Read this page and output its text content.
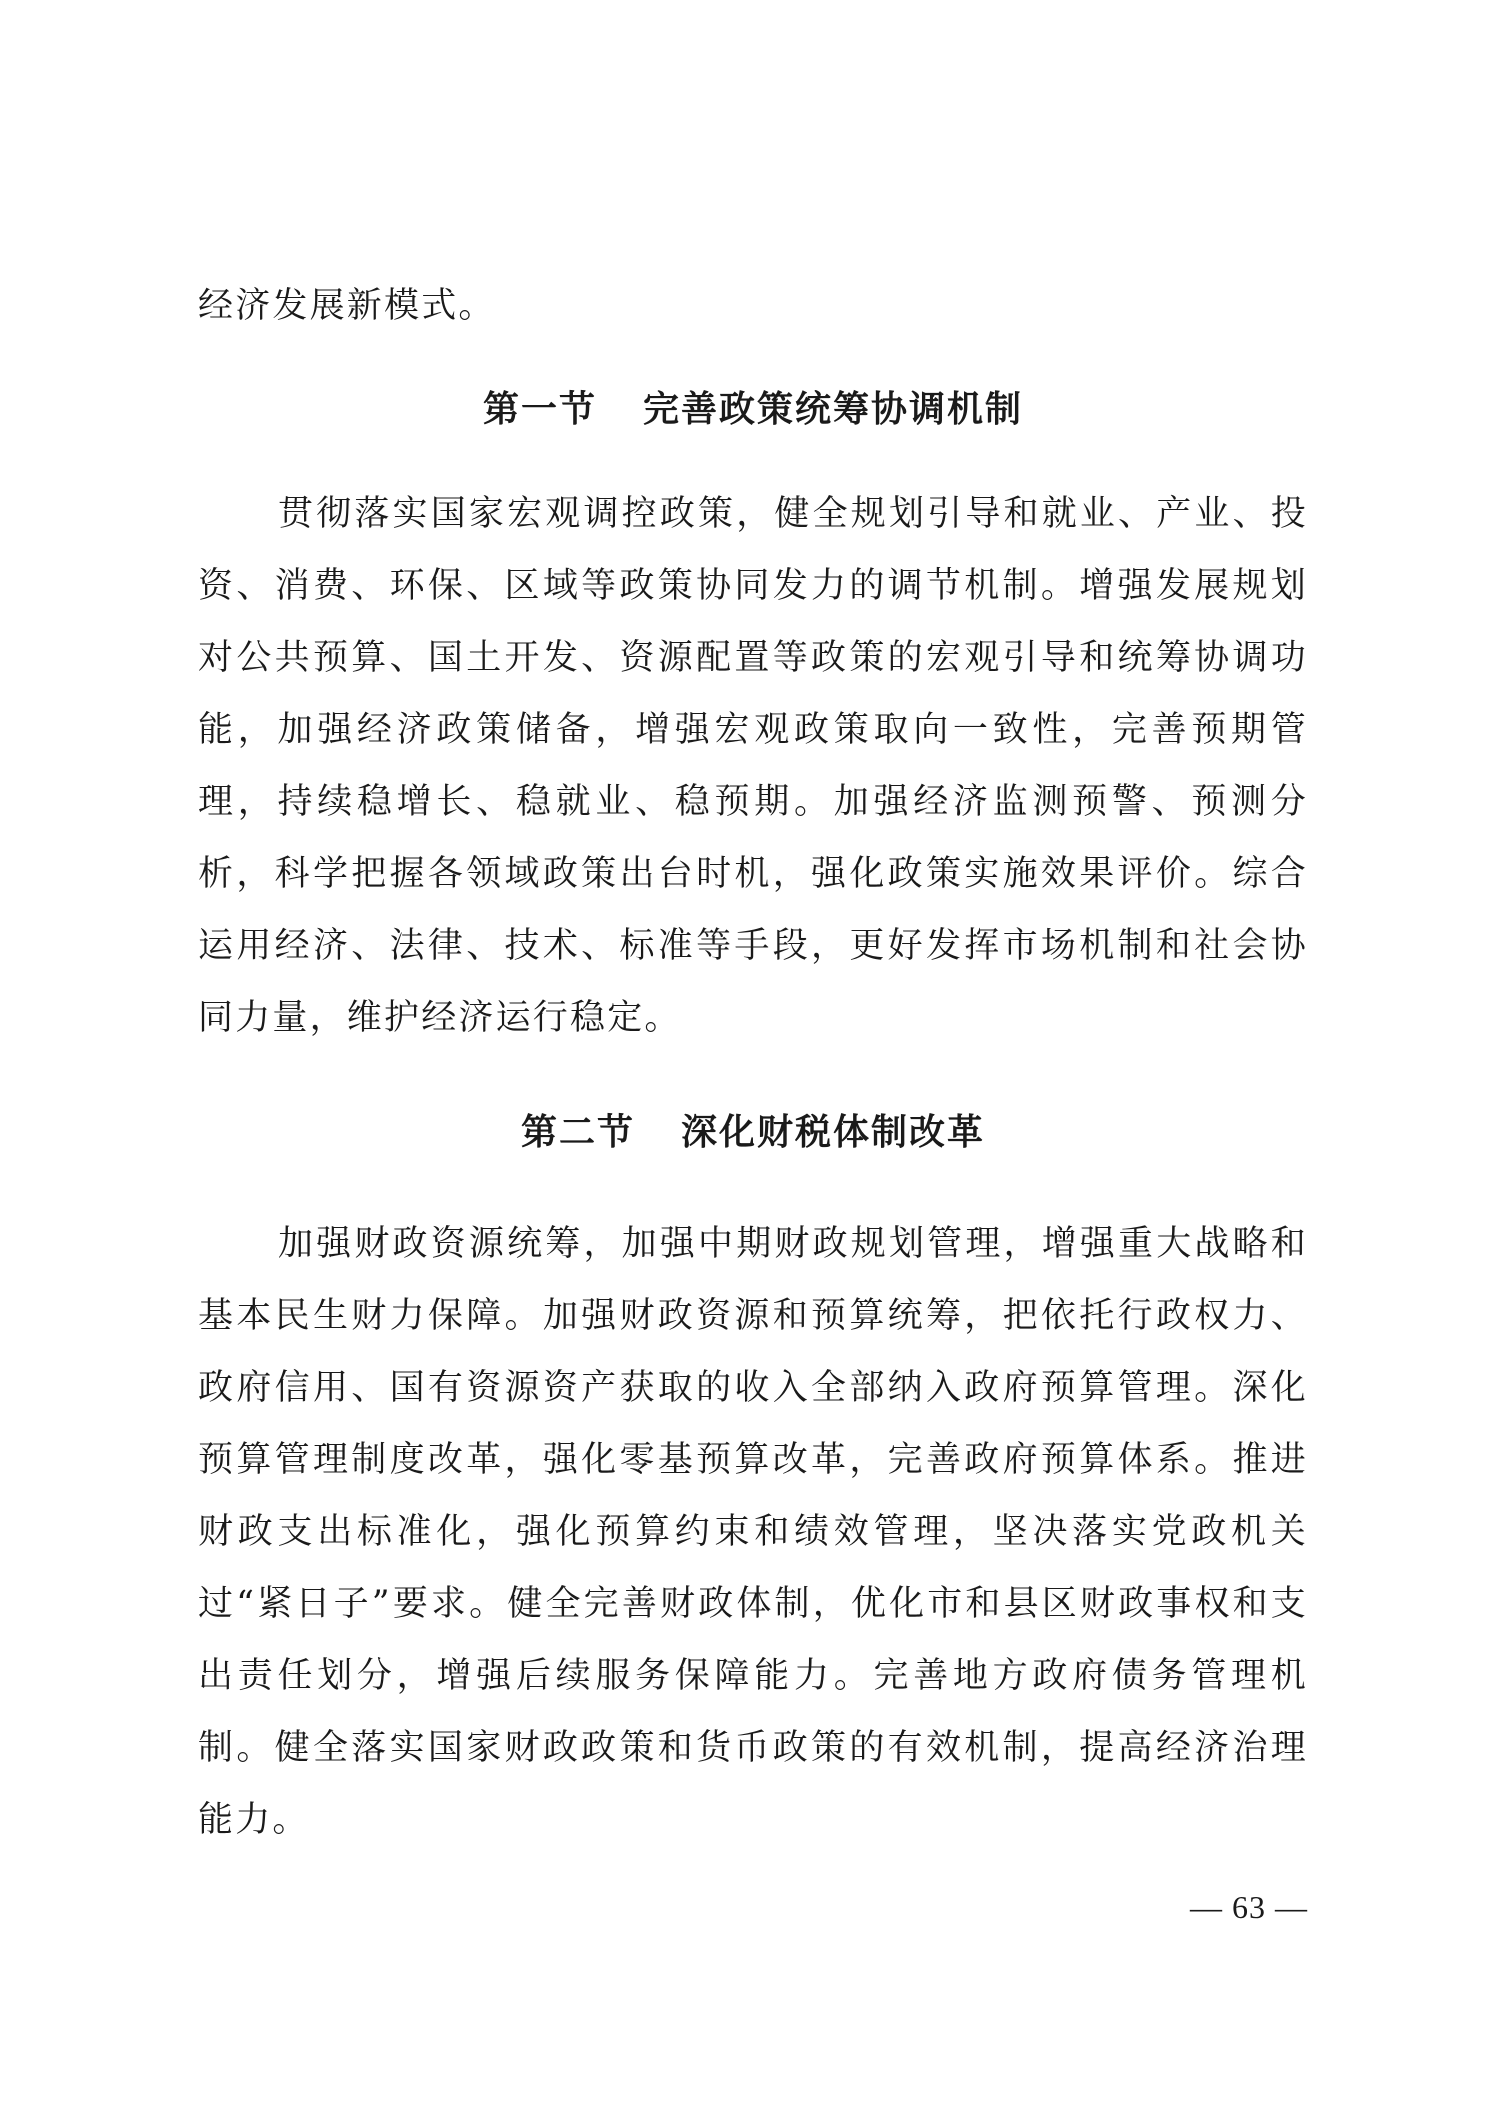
经济发展新模式。

第一节 完善政策统筹协调机制

贯彻落实国家宏观调控政策，健全规划引导和就业、产业、投资、消费、环保、区域等政策协同发力的调节机制。增强发展规划对公共预算、国土开发、资源配置等政策的宏观引导和统筹协调功能，加强经济政策储备，增强宏观政策取向一致性，完善预期管理，持续稳增长、稳就业、稳预期。加强经济监测预警、预测分析，科学把握各领域政策出台时机，强化政策实施效果评价。综合运用经济、法律、技术、标准等手段，更好发挥市场机制和社会协同力量，维护经济运行稳定。

第二节 深化财税体制改革

加强财政资源统筹，加强中期财政规划管理，增强重大战略和基本民生财力保障。加强财政资源和预算统筹，把依托行政权力、政府信用、国有资源资产获取的收入全部纳入政府预算管理。深化预算管理制度改革，强化零基预算改革，完善政府预算体系。推进财政支出标准化，强化预算约束和绩效管理，坚决落实党政机关过“紧日子”要求。健全完善财政体制，优化市和县区财政事权和支出责任划分，增强后续服务保障能力。完善地方政府债务管理机制。健全落实国家财政政策和货币政策的有效机制，提高经济治理能力。

— 63 —
